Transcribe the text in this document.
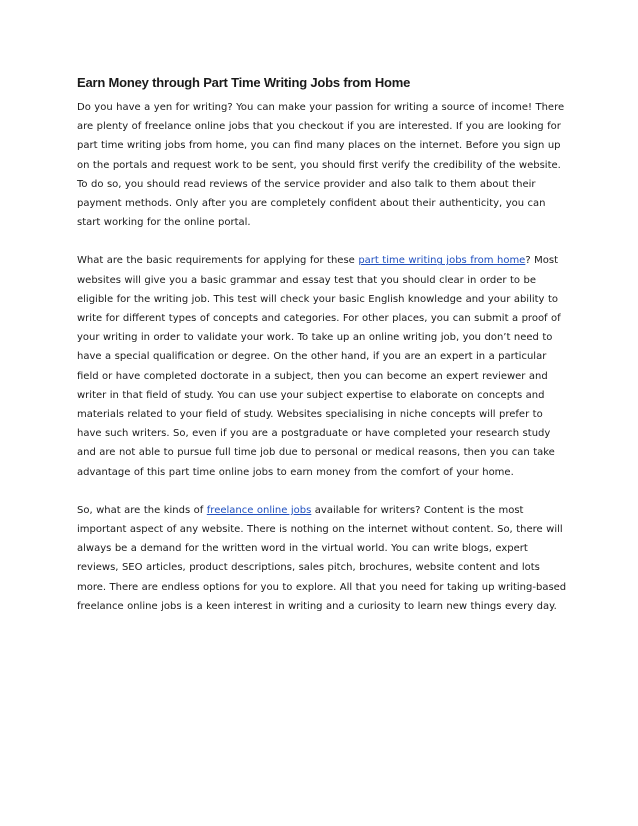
Earn Money through Part Time Writing Jobs from Home

Do you have a yen for writing? You can make your passion for writing a source of income! There are plenty of freelance online jobs that you checkout if you are interested. If you are looking for part time writing jobs from home, you can find many places on the internet. Before you sign up on the portals and request work to be sent, you should first verify the credibility of the website. To do so, you should read reviews of the service provider and also talk to them about their payment methods. Only after you are completely confident about their authenticity, you can start working for the online portal.

What are the basic requirements for applying for these part time writing jobs from home? Most websites will give you a basic grammar and essay test that you should clear in order to be eligible for the writing job. This test will check your basic English knowledge and your ability to write for different types of concepts and categories. For other places, you can submit a proof of your writing in order to validate your work. To take up an online writing job, you don’t need to have a special qualification or degree. On the other hand, if you are an expert in a particular field or have completed doctorate in a subject, then you can become an expert reviewer and writer in that field of study. You can use your subject expertise to elaborate on concepts and materials related to your field of study. Websites specialising in niche concepts will prefer to have such writers. So, even if you are a postgraduate or have completed your research study and are not able to pursue full time job due to personal or medical reasons, then you can take advantage of this part time online jobs to earn money from the comfort of your home.

So, what are the kinds of freelance online jobs available for writers? Content is the most important aspect of any website. There is nothing on the internet without content. So, there will always be a demand for the written word in the virtual world. You can write blogs, expert reviews, SEO articles, product descriptions, sales pitch, brochures, website content and lots more. There are endless options for you to explore. All that you need for taking up writing-based freelance online jobs is a keen interest in writing and a curiosity to learn new things every day.
